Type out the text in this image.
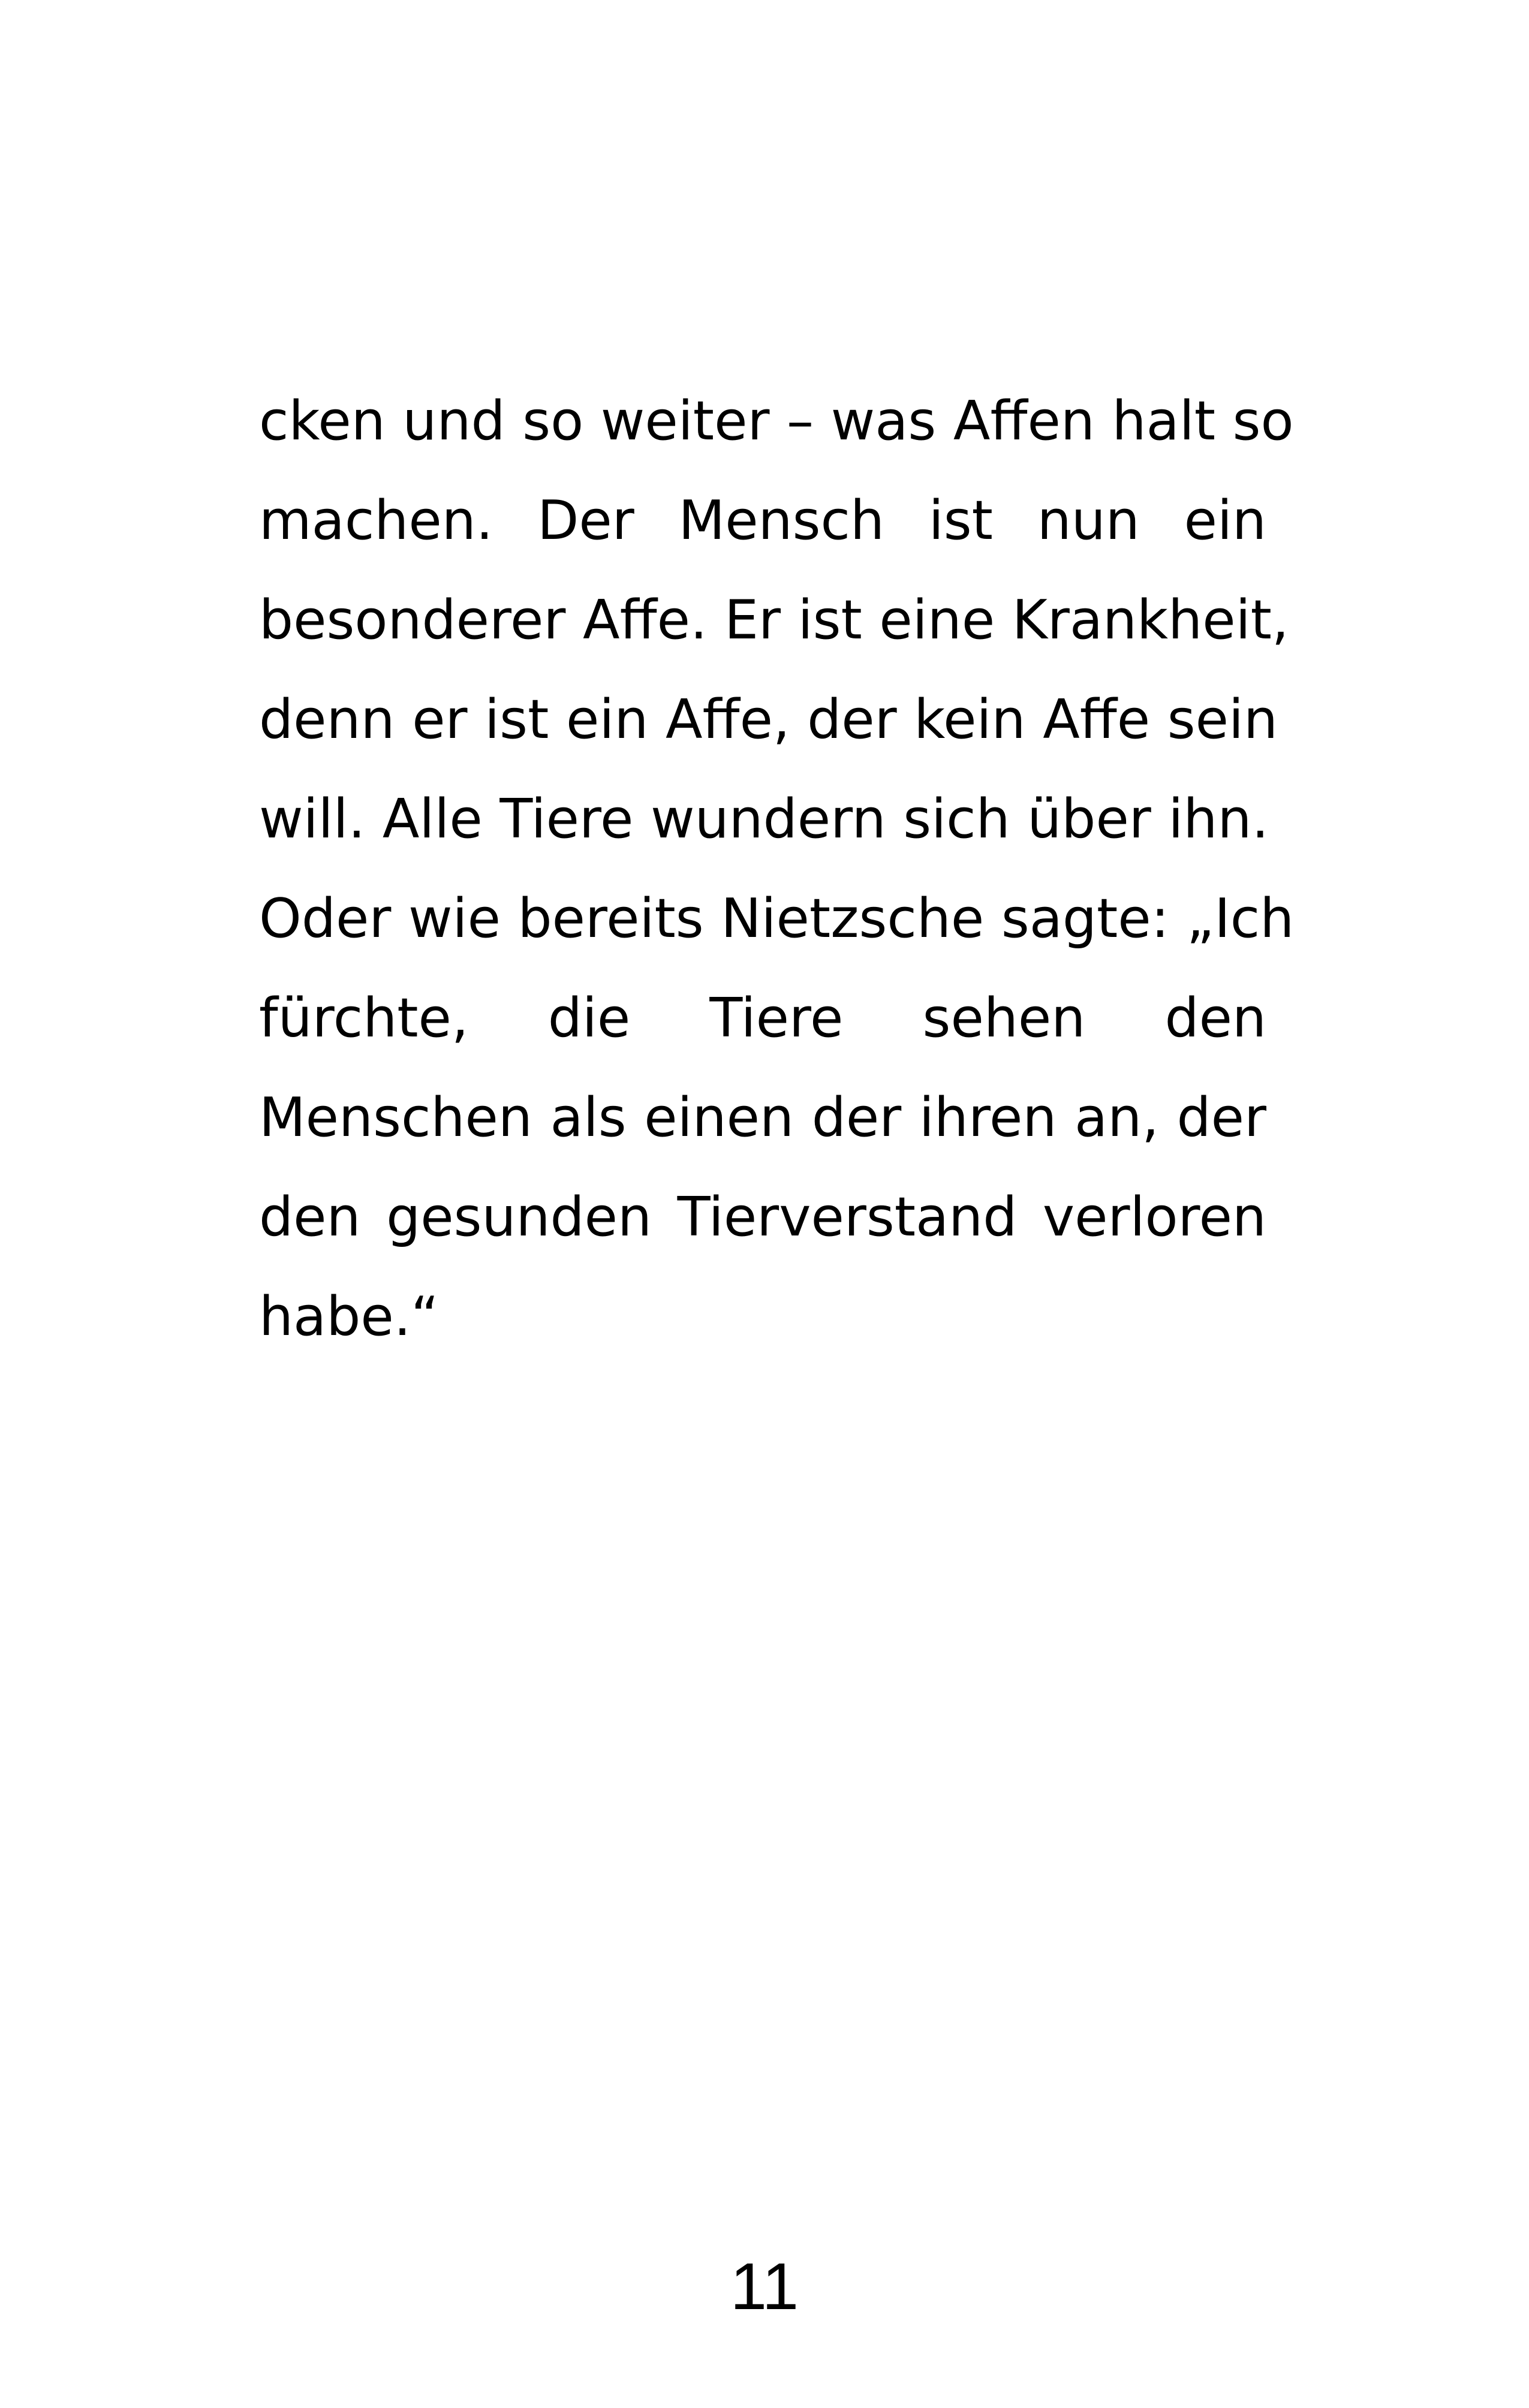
cken und so weiter – was Affen halt so
machen. Der Mensch ist nun ein
besonderer Affe. Er ist eine Krankheit,
denn er ist ein Affe, der kein Affe sein
will. Alle Tiere wundern sich über ihn.
Oder wie bereits Nietzsche sagte: „Ich
fürchte, die Tiere sehen den
Menschen als einen der ihren an, der
den gesunden Tierverstand verloren
habe.“
11
